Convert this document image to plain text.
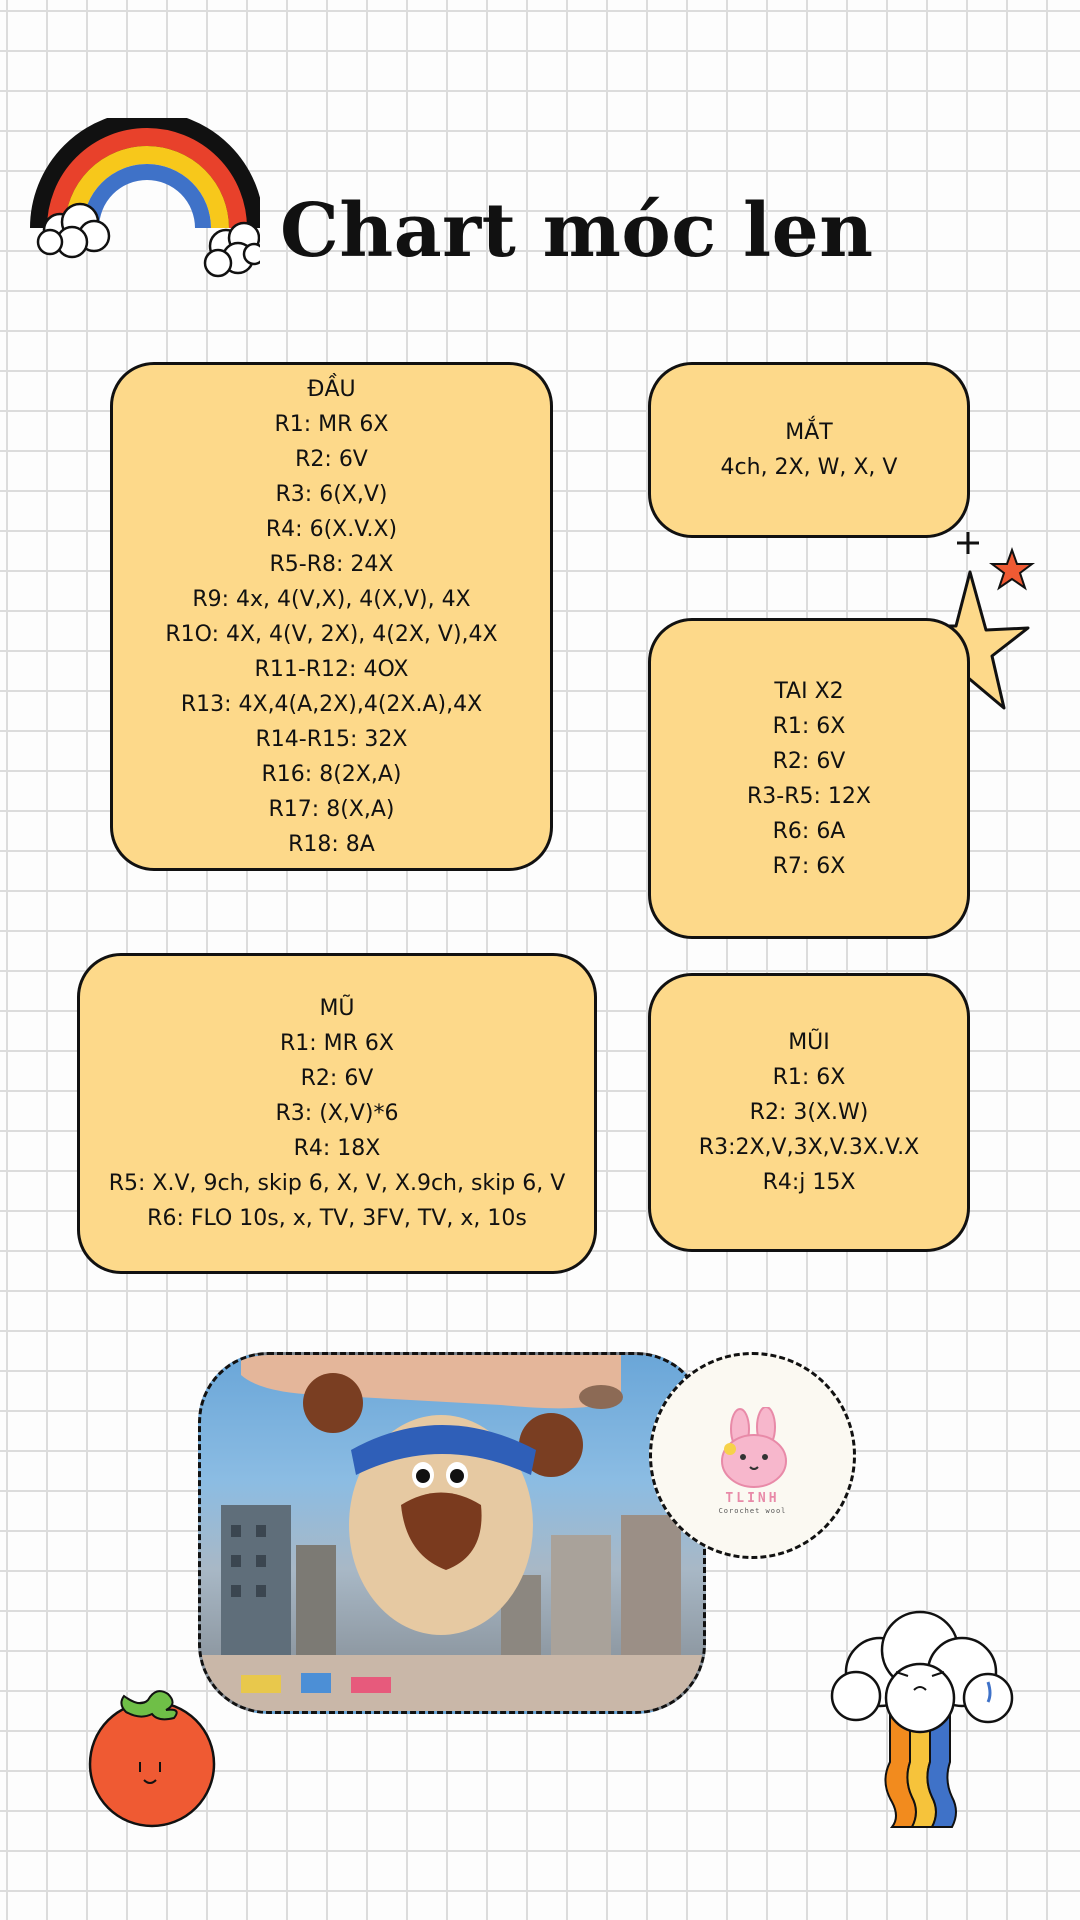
Chart móc len
ĐẦU
R1: MR 6X
R2: 6V
R3: 6(X,V)
R4: 6(X.V.X)
R5-R8: 24X
R9: 4x, 4(V,X), 4(X,V), 4X
R1O: 4X, 4(V, 2X), 4(2X, V),4X
R11-R12: 4OX
R13: 4X,4(A,2X),4(2X.A),4X
R14-R15: 32X
R16: 8(2X,A)
R17: 8(X,A)
R18: 8A
MẮT
4ch, 2X, W, X, V
TAI X2
R1: 6X
R2: 6V
R3-R5: 12X
R6: 6A
R7: 6X
MŨ
R1: MR 6X
R2: 6V
R3: (X,V)*6
R4: 18X
R5: X.V, 9ch, skip 6, X, V, X.9ch, skip 6, V
R6: FLO 10s, x, TV, 3FV, TV, x, 10s
MŨI
R1: 6X
R2: 3(X.W)
R3:2X,V,3X,V.3X.V.X
R4:j 15X
TLINH
Corochet wool
